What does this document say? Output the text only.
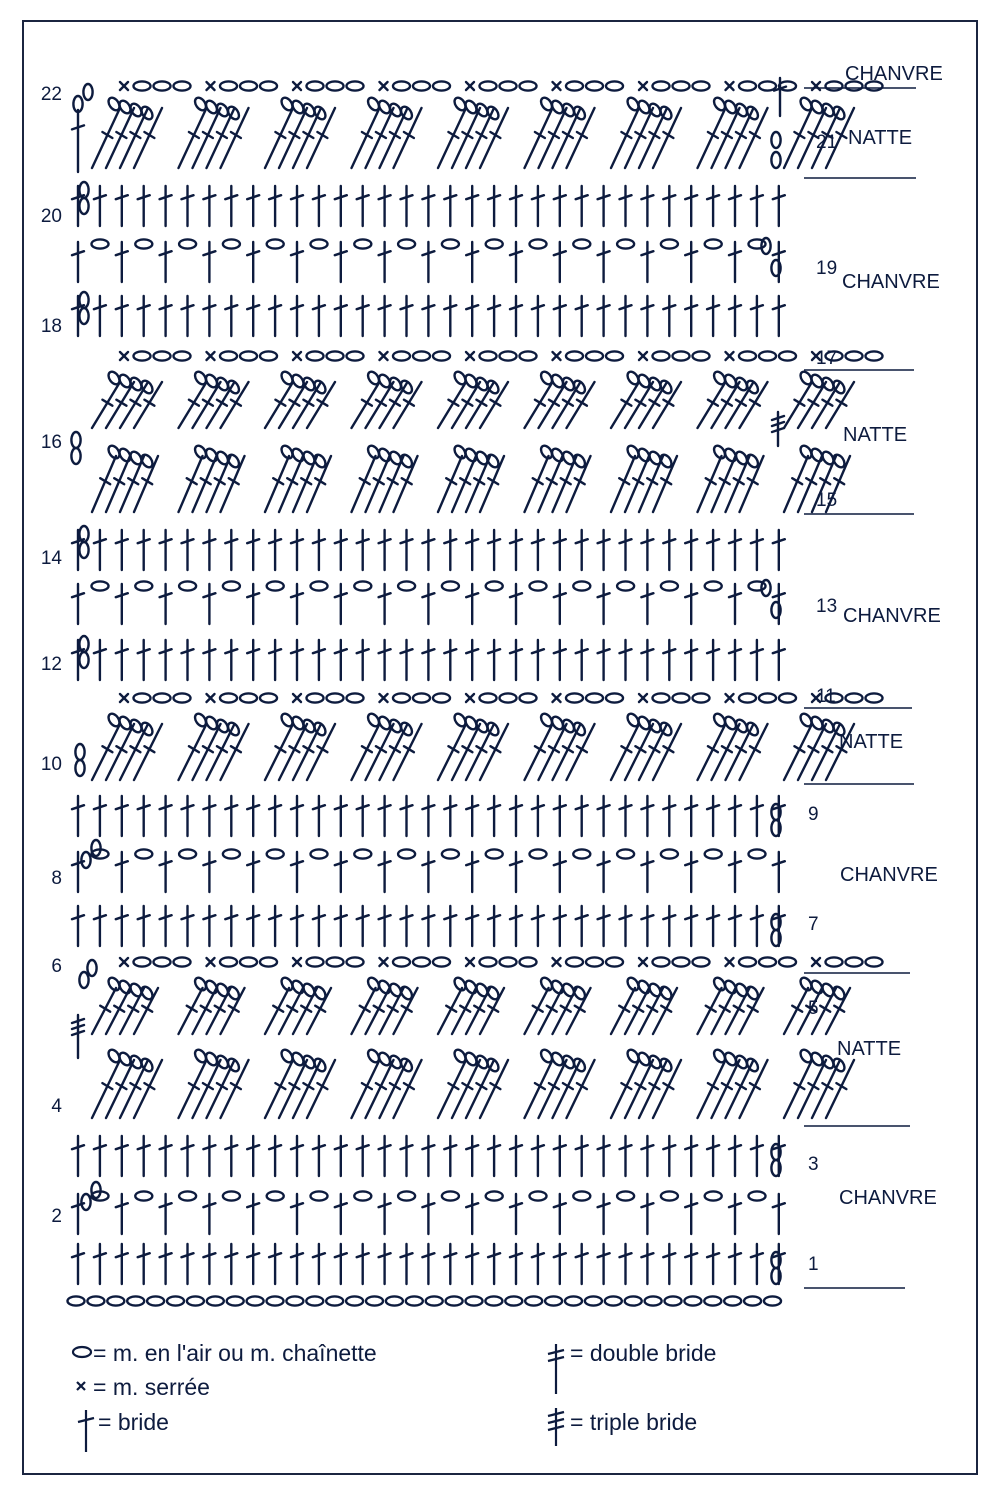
1
2
3
4
5
6
7
8
9
10
11
12
13
14
15
16
17
18
19
20
21
22
CHANVRE
NATTE
CHANVRE
NATTE
CHANVRE
NATTE
CHANVRE
NATTE
CHANVRE
= m. en l'air ou m. chaînette
= m. serrée
= bride
= double bride
= triple bride
